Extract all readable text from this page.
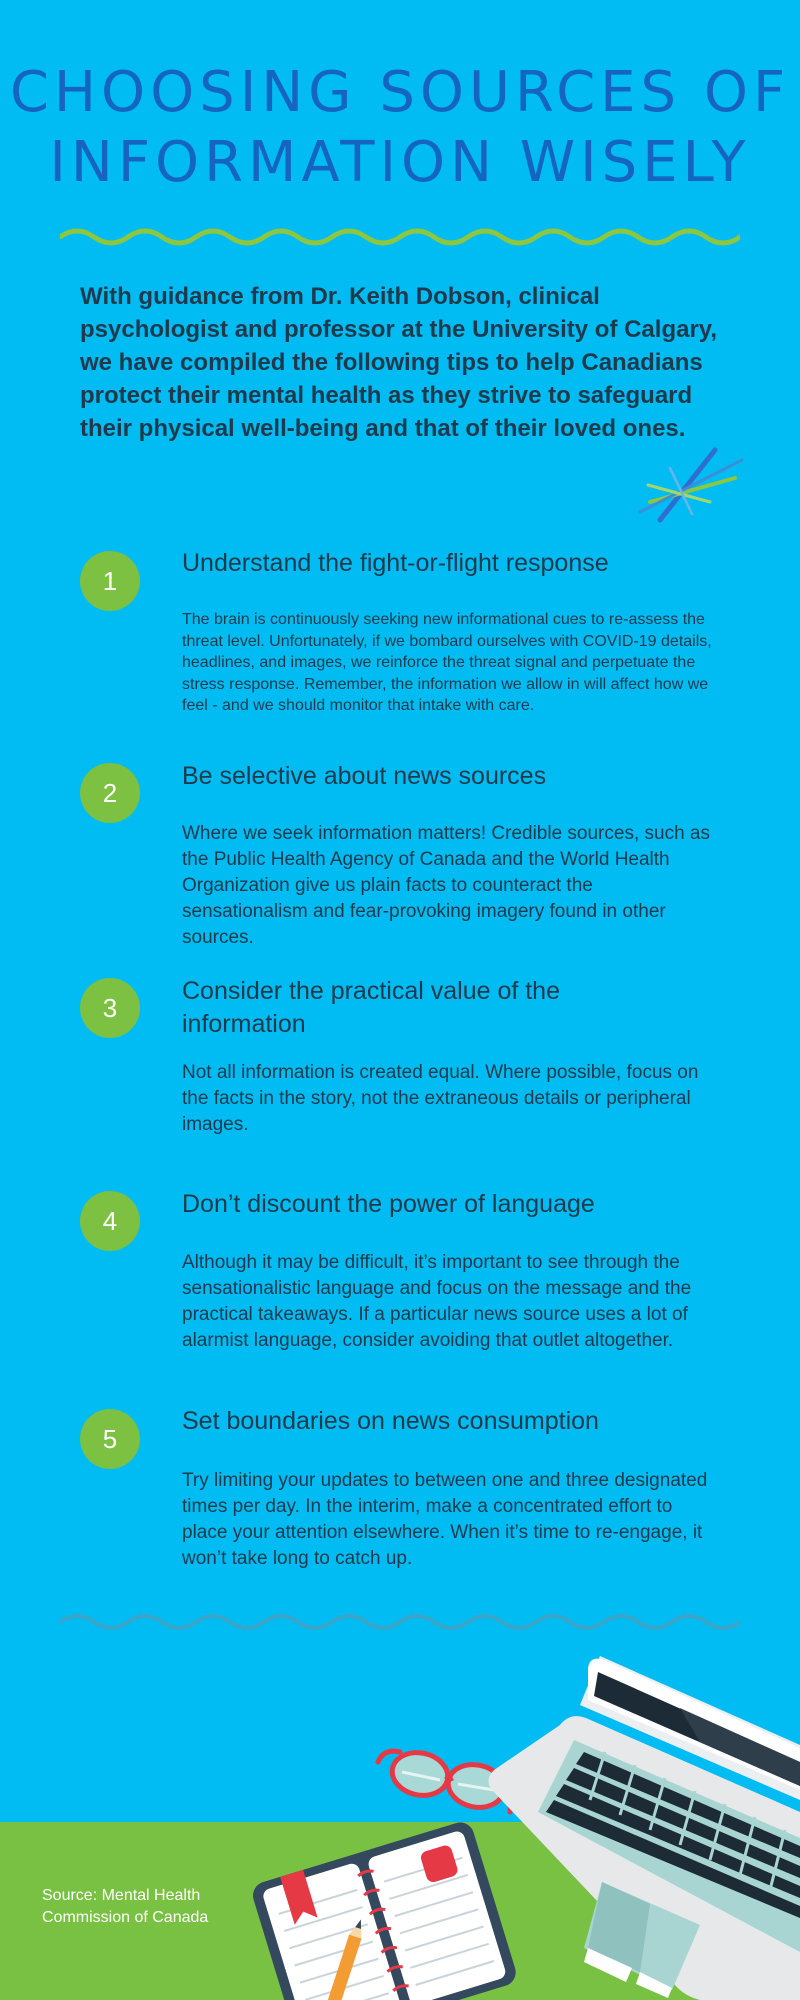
CHOOSING SOURCES OF
INFORMATION WISELY

With guidance from Dr. Keith Dobson, clinical psychologist and professor at the University of Calgary, we have compiled the following tips to help Canadians protect their mental health as they strive to safeguard their physical well-being and that of their loved ones.

1
Understand the fight-or-flight response
The brain is continuously seeking new informational cues to re-assess the threat level. Unfortunately, if we bombard ourselves with COVID-19 details, headlines, and images, we reinforce the threat signal and perpetuate the stress response. Remember, the information we allow in will affect how we feel - and we should monitor that intake with care.
2
Be selective about news sources
Where we seek information matters! Credible sources, such as the Public Health Agency of Canada and the World Health Organization give us plain facts to counteract the sensationalism and fear-provoking imagery found in other sources.
3
Consider the practical value of the information
Not all information is created equal. Where possible, focus on the facts in the story, not the extraneous details or peripheral images.
4
Don’t discount the power of language
Although it may be difficult, it’s important to see through the sensationalistic language and focus on the message and the practical takeaways. If a particular news source uses a lot of alarmist language, consider avoiding that outlet altogether.
5
Set boundaries on news consumption
Try limiting your updates to between one and three designated times per day. In the interim, make a concentrated effort to place your attention elsewhere. When it’s time to re-engage, it won’t take long to catch up.
Source: Mental Health Commission of Canada
